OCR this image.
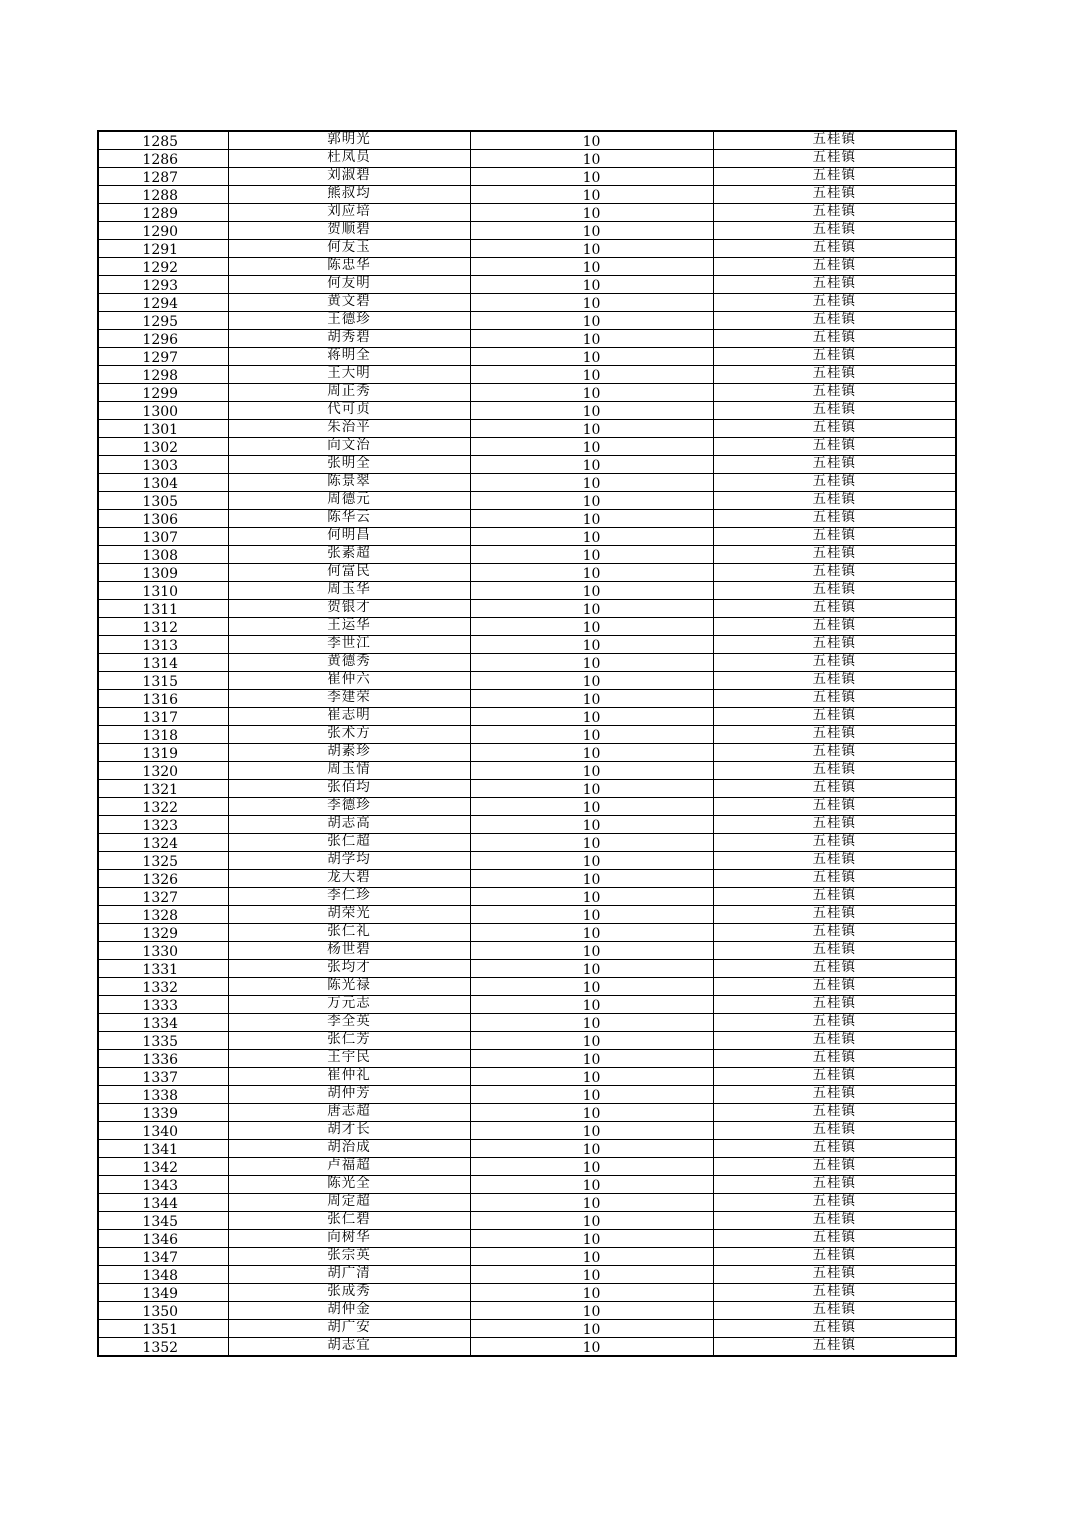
1285	郭明光	10	五桂镇
1286	杜凤员	10	五桂镇
1287	刘淑碧	10	五桂镇
1288	熊叔均	10	五桂镇
1289	刘应培	10	五桂镇
1290	贺顺碧	10	五桂镇
1291	何友玉	10	五桂镇
1292	陈忠华	10	五桂镇
1293	何友明	10	五桂镇
1294	黄文碧	10	五桂镇
1295	王德珍	10	五桂镇
1296	胡秀碧	10	五桂镇
1297	蒋明全	10	五桂镇
1298	王大明	10	五桂镇
1299	周正秀	10	五桂镇
1300	代可贞	10	五桂镇
1301	朱治平	10	五桂镇
1302	向文治	10	五桂镇
1303	张明全	10	五桂镇
1304	陈景翠	10	五桂镇
1305	周德元	10	五桂镇
1306	陈华云	10	五桂镇
1307	何明昌	10	五桂镇
1308	张素超	10	五桂镇
1309	何富民	10	五桂镇
1310	周玉华	10	五桂镇
1311	贺银才	10	五桂镇
1312	王运华	10	五桂镇
1313	李世江	10	五桂镇
1314	黄德秀	10	五桂镇
1315	崔仲六	10	五桂镇
1316	李建荣	10	五桂镇
1317	崔志明	10	五桂镇
1318	张术方	10	五桂镇
1319	胡素珍	10	五桂镇
1320	周玉情	10	五桂镇
1321	张佰均	10	五桂镇
1322	李德珍	10	五桂镇
1323	胡志高	10	五桂镇
1324	张仁超	10	五桂镇
1325	胡学均	10	五桂镇
1326	龙大碧	10	五桂镇
1327	李仁珍	10	五桂镇
1328	胡荣光	10	五桂镇
1329	张仁礼	10	五桂镇
1330	杨世碧	10	五桂镇
1331	张均才	10	五桂镇
1332	陈光禄	10	五桂镇
1333	万元志	10	五桂镇
1334	李全英	10	五桂镇
1335	张仁芳	10	五桂镇
1336	王宇民	10	五桂镇
1337	崔仲礼	10	五桂镇
1338	胡仲芳	10	五桂镇
1339	唐志超	10	五桂镇
1340	胡才长	10	五桂镇
1341	胡治成	10	五桂镇
1342	卢福超	10	五桂镇
1343	陈光全	10	五桂镇
1344	周定超	10	五桂镇
1345	张仁碧	10	五桂镇
1346	向树华	10	五桂镇
1347	张宗英	10	五桂镇
1348	胡广清	10	五桂镇
1349	张成秀	10	五桂镇
1350	胡仲金	10	五桂镇
1351	胡广安	10	五桂镇
1352	胡志宜	10	五桂镇
